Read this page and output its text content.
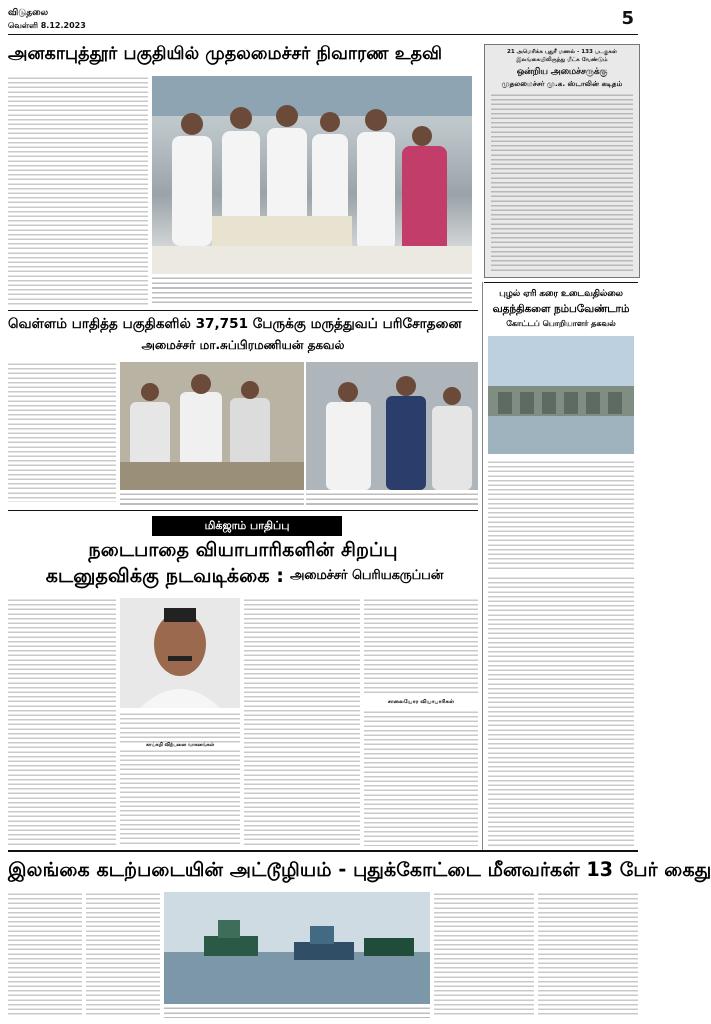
விடுதலை
வெள்ளி 8.12.2023	5
அனகாபுத்தூர் பகுதியில் முதலமைச்சர் நிவாரண உதவி	21 அமெரிக்க புதுரீ மணல் - 133 படகுகள்
இலங்கையிலிருந்து மீட்க வேண்டும்
ஒன்றிய அமைச்சருக்கு
முதலமைச்சர் மு.க. ஸ்டாலின் கடிதம்
வெள்ளம் பாதித்த பகுதிகளில் 37,751 பேருக்கு மருத்துவப் பரிசோதனை
அமைச்சர் மா.சுப்பிரமணியன் தகவல்
புழல் ஏரி கரை உடைவதில்லை
வதந்திகளை நம்பவேண்டாம்
கோட்டப் பொறியாளர் தகவல்
மிக்ஜாம் பாதிப்பு
நடைபாதை வியாபாரிகளின் சிறப்பு
கடனுதவிக்கு நடவடிக்கை : அமைச்சர் பெரியகருப்பன்
சாலையோர வியாபாரிகள்
காய்கறி விற்பனை வாகனங்கள்
இலங்கை கடற்படையின் அட்டூழியம் - புதுக்கோட்டை மீனவர்கள் 13 பேர் கைது
